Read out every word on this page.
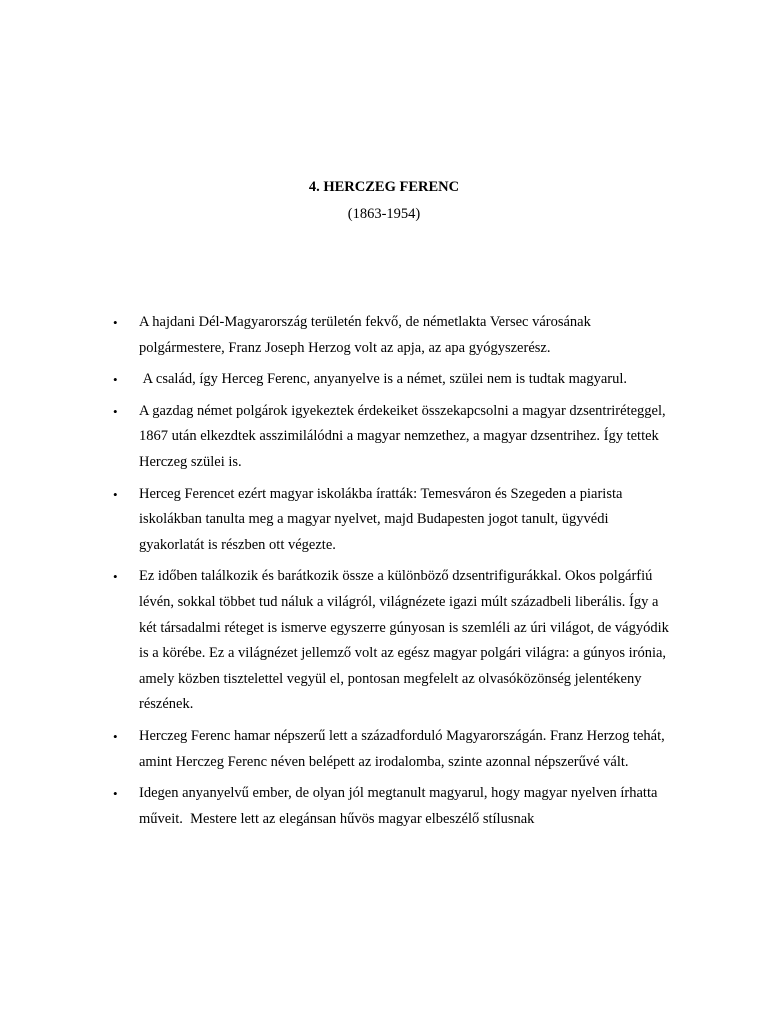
4. HERCZEG FERENC
(1863-1954)
• A hajdani Dél-Magyarország területén fekvő, de németlakta Versec városának polgármestere, Franz Joseph Herzog volt az apja, az apa gyógyszerész.
• A család, így Herceg Ferenc, anyanyelve is a német, szülei nem is tudtak magyarul.
• A gazdag német polgárok igyekeztek érdekeiket összekapcsolni a magyar dzsentriréteggel, 1867 után elkezdtek asszimilálódni a magyar nemzethez, a magyar dzsentrihez. Így tettek Herczeg szülei is.
• Herceg Ferencet ezért magyar iskolákba íratták: Temesváron és Szegeden a piarista iskolákban tanulta meg a magyar nyelvet, majd Budapesten jogot tanult, ügyvédi gyakorlatát is részben ott végezte.
• Ez időben találkozik és barátkozik össze a különböző dzsentrifigurákkal. Okos polgárfiú lévén, sokkal többet tud náluk a világról, világnézete igazi múlt századbeli liberális. Így a két társadalmi réteget is ismerve egyszerre gúnyosan is szemléli az úri világot, de vágyódik is a körébe. Ez a világnézet jellemző volt az egész magyar polgári világra: a gúnyos irónia, amely közben tisztelettel vegyül el, pontosan megfelelt az olvasóközönség jelentékeny részének.
• Herczeg Ferenc hamar népszerű lett a századforduló Magyarországán. Franz Herzog tehát, amint Herczeg Ferenc néven belépett az irodalomba, szinte azonnal népszerűvé vált.
• Idegen anyanyelvű ember, de olyan jól megtanult magyarul, hogy magyar nyelven írhatta műveit.  Mestere lett az elegánsan hűvös magyar elbeszélő stílusnak
